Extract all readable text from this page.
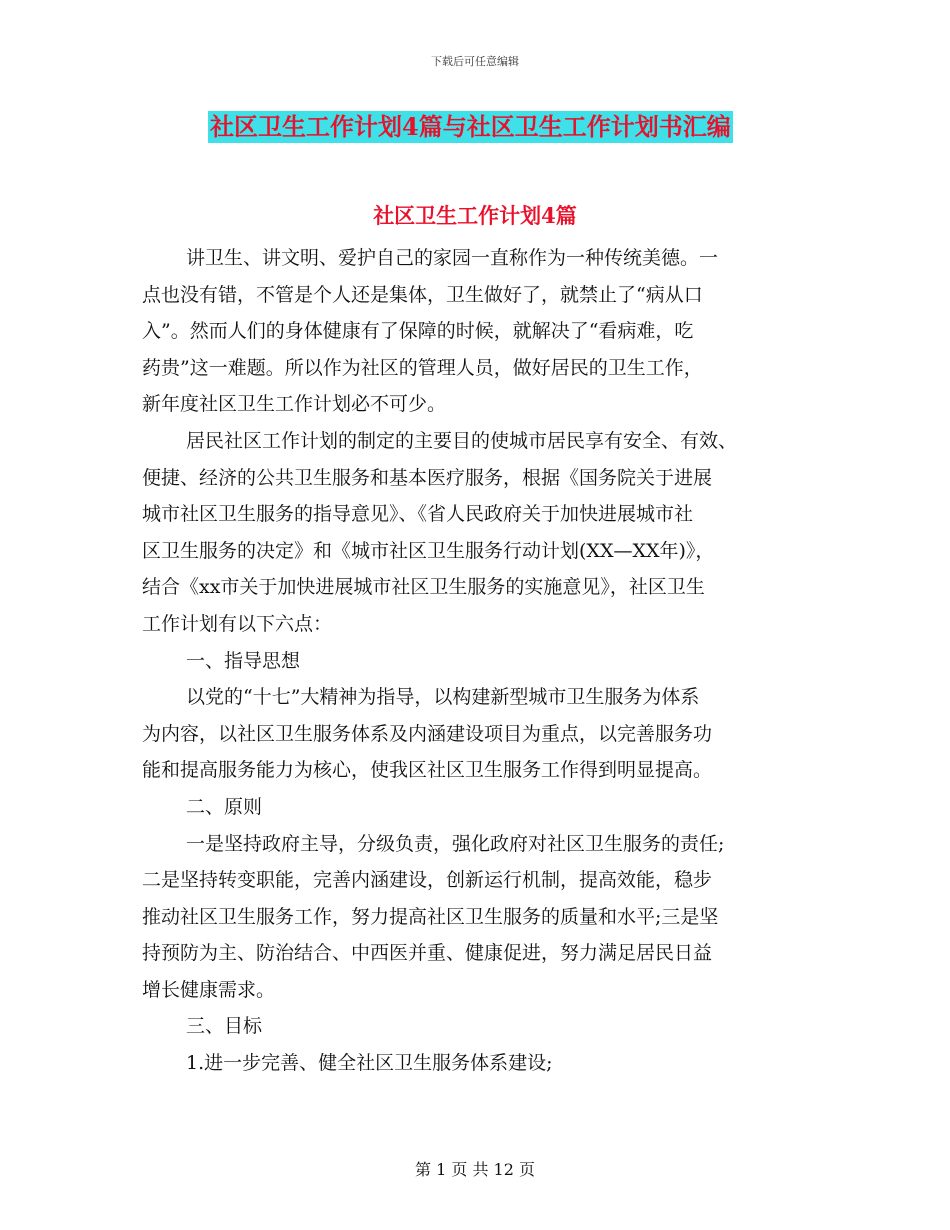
下载后可任意编辑
社区卫生工作计划4篇与社区卫生工作计划书汇编
社区卫生工作计划4篇

讲卫生、讲文明、爱护自己的家园一直称作为一种传统美德。一
点也没有错，不管是个人还是集体，卫生做好了，就禁止了“病从口
入”。然而人们的身体健康有了保障的时候，就解决了“看病难，吃
药贵”这一难题。所以作为社区的管理人员，做好居民的卫生工作，
新年度社区卫生工作计划必不可少。

居民社区工作计划的制定的主要目的使城市居民享有安全、有效、
便捷、经济的公共卫生服务和基本医疗服务，根据《国务院关于进展
城市社区卫生服务的指导意见》、《省人民政府关于加快进展城市社
区卫生服务的决定》和《城市社区卫生服务行动计划(XX—XX年)》，
结合《xx市关于加快进展城市社区卫生服务的实施意见》，社区卫生
工作计划有以下六点：

一、指导思想

以党的“十七”大精神为指导，以构建新型城市卫生服务为体系
为内容，以社区卫生服务体系及内涵建设项目为重点，以完善服务功
能和提高服务能力为核心，使我区社区卫生服务工作得到明显提高。

二、原则

一是坚持政府主导，分级负责，强化政府对社区卫生服务的责任;
二是坚持转变职能，完善内涵建设，创新运行机制，提高效能，稳步
推动社区卫生服务工作，努力提高社区卫生服务的质量和水平;三是坚
持预防为主、防治结合、中西医并重、健康促进，努力满足居民日益
增长健康需求。

三、目标

1.进一步完善、健全社区卫生服务体系建设;

第 1 页 共 12 页
